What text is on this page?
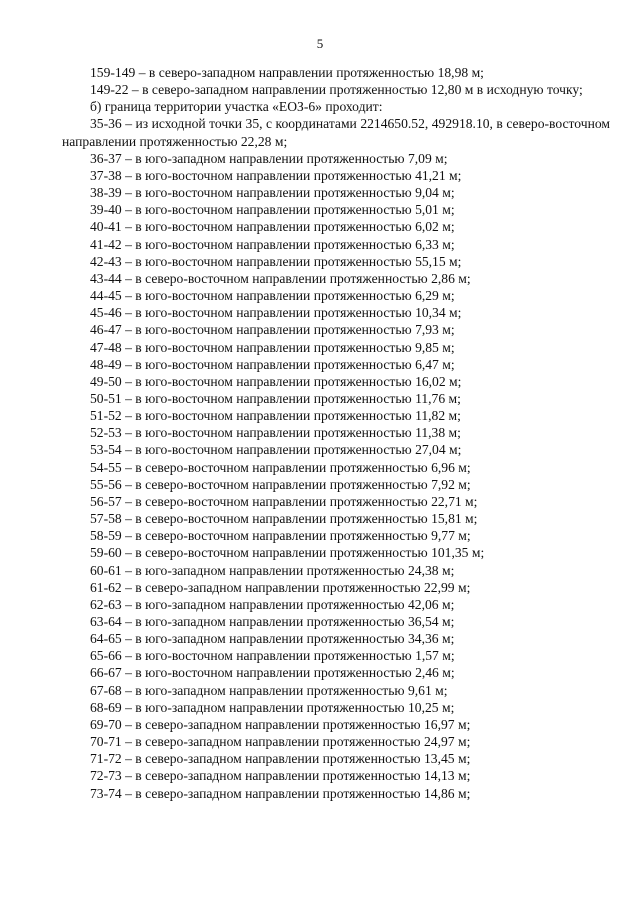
5

159-149 – в северо-западном направлении протяженностью 18,98 м;

149-22 – в северо-западном направлении протяженностью 12,80 м в исходную точку;

б) граница территории участка «ЕОЗ-6» проходит:

35-36 – из исходной точки 35, с координатами 2214650.52, 492918.10, в северо-восточном направлении протяженностью 22,28 м;

36-37 – в юго-западном направлении протяженностью 7,09 м;

37-38 – в юго-восточном направлении протяженностью 41,21 м;

38-39 – в юго-восточном направлении протяженностью 9,04 м;

39-40 – в юго-восточном направлении протяженностью 5,01 м;

40-41 – в юго-восточном направлении протяженностью 6,02 м;

41-42 – в юго-восточном направлении протяженностью 6,33 м;

42-43 – в юго-восточном направлении протяженностью 55,15 м;

43-44 – в северо-восточном направлении протяженностью 2,86 м;

44-45 – в юго-восточном направлении протяженностью 6,29 м;

45-46 – в юго-восточном направлении протяженностью 10,34 м;

46-47 – в юго-восточном направлении протяженностью 7,93 м;

47-48 – в юго-восточном направлении протяженностью 9,85 м;

48-49 – в юго-восточном направлении протяженностью 6,47 м;

49-50 – в юго-восточном направлении протяженностью 16,02 м;

50-51 – в юго-восточном направлении протяженностью 11,76 м;

51-52 – в юго-восточном направлении протяженностью 11,82 м;

52-53 – в юго-восточном направлении протяженностью 11,38 м;

53-54 – в юго-восточном направлении протяженностью 27,04 м;

54-55 – в северо-восточном направлении протяженностью 6,96 м;

55-56 – в северо-восточном направлении протяженностью 7,92 м;

56-57 – в северо-восточном направлении протяженностью 22,71 м;

57-58 – в северо-восточном направлении протяженностью 15,81 м;

58-59 – в северо-восточном направлении протяженностью 9,77 м;

59-60 – в северо-восточном направлении протяженностью 101,35 м;

60-61 – в юго-западном направлении протяженностью 24,38 м;

61-62 – в северо-западном направлении протяженностью 22,99 м;

62-63 – в юго-западном направлении протяженностью 42,06 м;

63-64 – в юго-западном направлении протяженностью 36,54 м;

64-65 – в юго-западном направлении протяженностью 34,36 м;

65-66 – в юго-восточном направлении протяженностью 1,57 м;

66-67 – в юго-восточном направлении протяженностью 2,46 м;

67-68 – в юго-западном направлении протяженностью 9,61 м;

68-69 – в юго-западном направлении протяженностью 10,25 м;

69-70 – в северо-западном направлении протяженностью 16,97 м;

70-71 – в северо-западном направлении протяженностью 24,97 м;

71-72 – в северо-западном направлении протяженностью 13,45 м;

72-73 – в северо-западном направлении протяженностью 14,13 м;

73-74 – в северо-западном направлении протяженностью 14,86 м;
